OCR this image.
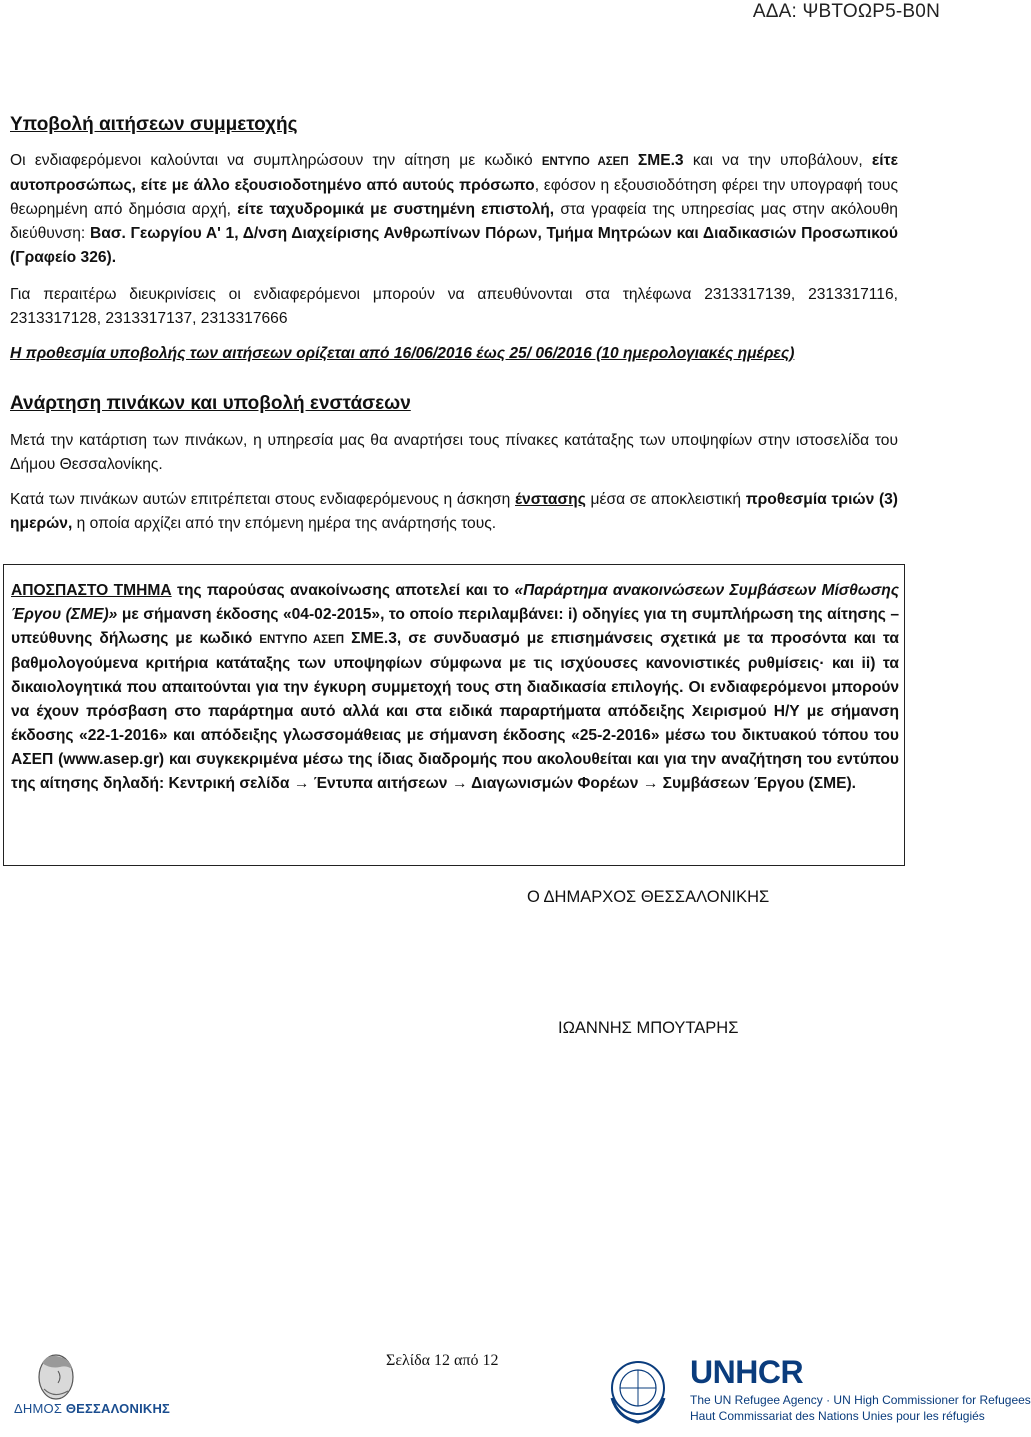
ΑΔΑ: ΨΒΤΟΩΡ5-Β0Ν
Υποβολή αιτήσεων συμμετοχής

Οι ενδιαφερόμενοι καλούνται να συμπληρώσουν την αίτηση με κωδικό ΕΝΤΥΠΟ ΑΣΕΠ ΣΜΕ.3 και να την υποβάλουν, είτε αυτοπροσώπως, είτε με άλλο εξουσιοδοτημένο από αυτούς πρόσωπο, εφόσον η εξουσιοδότηση φέρει την υπογραφή τους θεωρημένη από δημόσια αρχή, είτε ταχυδρομικά με συστημένη επιστολή, στα γραφεία της υπηρεσίας μας στην ακόλουθη διεύθυνση: Βασ. Γεωργίου Α' 1, Δ/νση Διαχείρισης Ανθρωπίνων Πόρων, Τμήμα Μητρώων και Διαδικασιών Προσωπικού (Γραφείο 326).

Για περαιτέρω διευκρινίσεις οι ενδιαφερόμενοι μπορούν να απευθύνονται στα τηλέφωνα 2313317139, 2313317116, 2313317128, 2313317137, 2313317666

Η προθεσμία υποβολής των αιτήσεων ορίζεται από 16/06/2016 έως 25/ 06/2016 (10 ημερολογιακές ημέρες)

Ανάρτηση πινάκων και υποβολή ενστάσεων

Μετά την κατάρτιση των πινάκων, η υπηρεσία μας θα αναρτήσει τους πίνακες κατάταξης των υποψηφίων στην ιστοσελίδα του Δήμου Θεσσαλονίκης.

Κατά των πινάκων αυτών επιτρέπεται στους ενδιαφερόμενους η άσκηση ένστασης μέσα σε αποκλειστική προθεσμία τριών (3) ημερών, η οποία αρχίζει από την επόμενη ημέρα της ανάρτησής τους.

ΑΠΟΣΠΑΣΤΟ ΤΜΗΜΑ της παρούσας ανακοίνωσης αποτελεί και το «Παράρτημα ανακοινώσεων Συμβάσεων Μίσθωσης Έργου (ΣΜΕ)» με σήμανση έκδοσης «04-02-2015», το οποίο περιλαμβάνει: i) οδηγίες για τη συμπλήρωση της αίτησης – υπεύθυνης δήλωσης με κωδικό ΕΝΤΥΠΟ ΑΣΕΠ ΣΜΕ.3, σε συνδυασμό με επισημάνσεις σχετικά με τα προσόντα και τα βαθμολογούμενα κριτήρια κατάταξης των υποψηφίων σύμφωνα με τις ισχύουσες κανονιστικές ρυθμίσεις· και ii) τα δικαιολογητικά που απαιτούνται για την έγκυρη συμμετοχή τους στη διαδικασία επιλογής. Οι ενδιαφερόμενοι μπορούν να έχουν πρόσβαση στο παράρτημα αυτό αλλά και στα ειδικά παραρτήματα απόδειξης Χειρισμού Η/Υ με σήμανση έκδοσης «22-1-2016» και απόδειξης γλωσσομάθειας με σήμανση έκδοσης «25-2-2016» μέσω του δικτυακού τόπου του ΑΣΕΠ (www.asep.gr) και συγκεκριμένα μέσω της ίδιας διαδρομής που ακολουθείται και για την αναζήτηση του εντύπου της αίτησης δηλαδή: Κεντρική σελίδα → Έντυπα αιτήσεων → Διαγωνισμών Φορέων → Συμβάσεων Έργου (ΣΜΕ).

Ο ΔΗΜΑΡΧΟΣ ΘΕΣΣΑΛΟΝΙΚΗΣ
ΙΩΑΝΝΗΣ ΜΠΟΥΤΑΡΗΣ
Σελίδα 12 από 12
ΔΗΜΟΣ ΘΕΣΣΑΛΟΝΙΚΗΣ
UNHCR
The UN Refugee Agency · UN High Commissioner for Refugees
Haut Commissariat des Nations Unies pour les réfugiés
